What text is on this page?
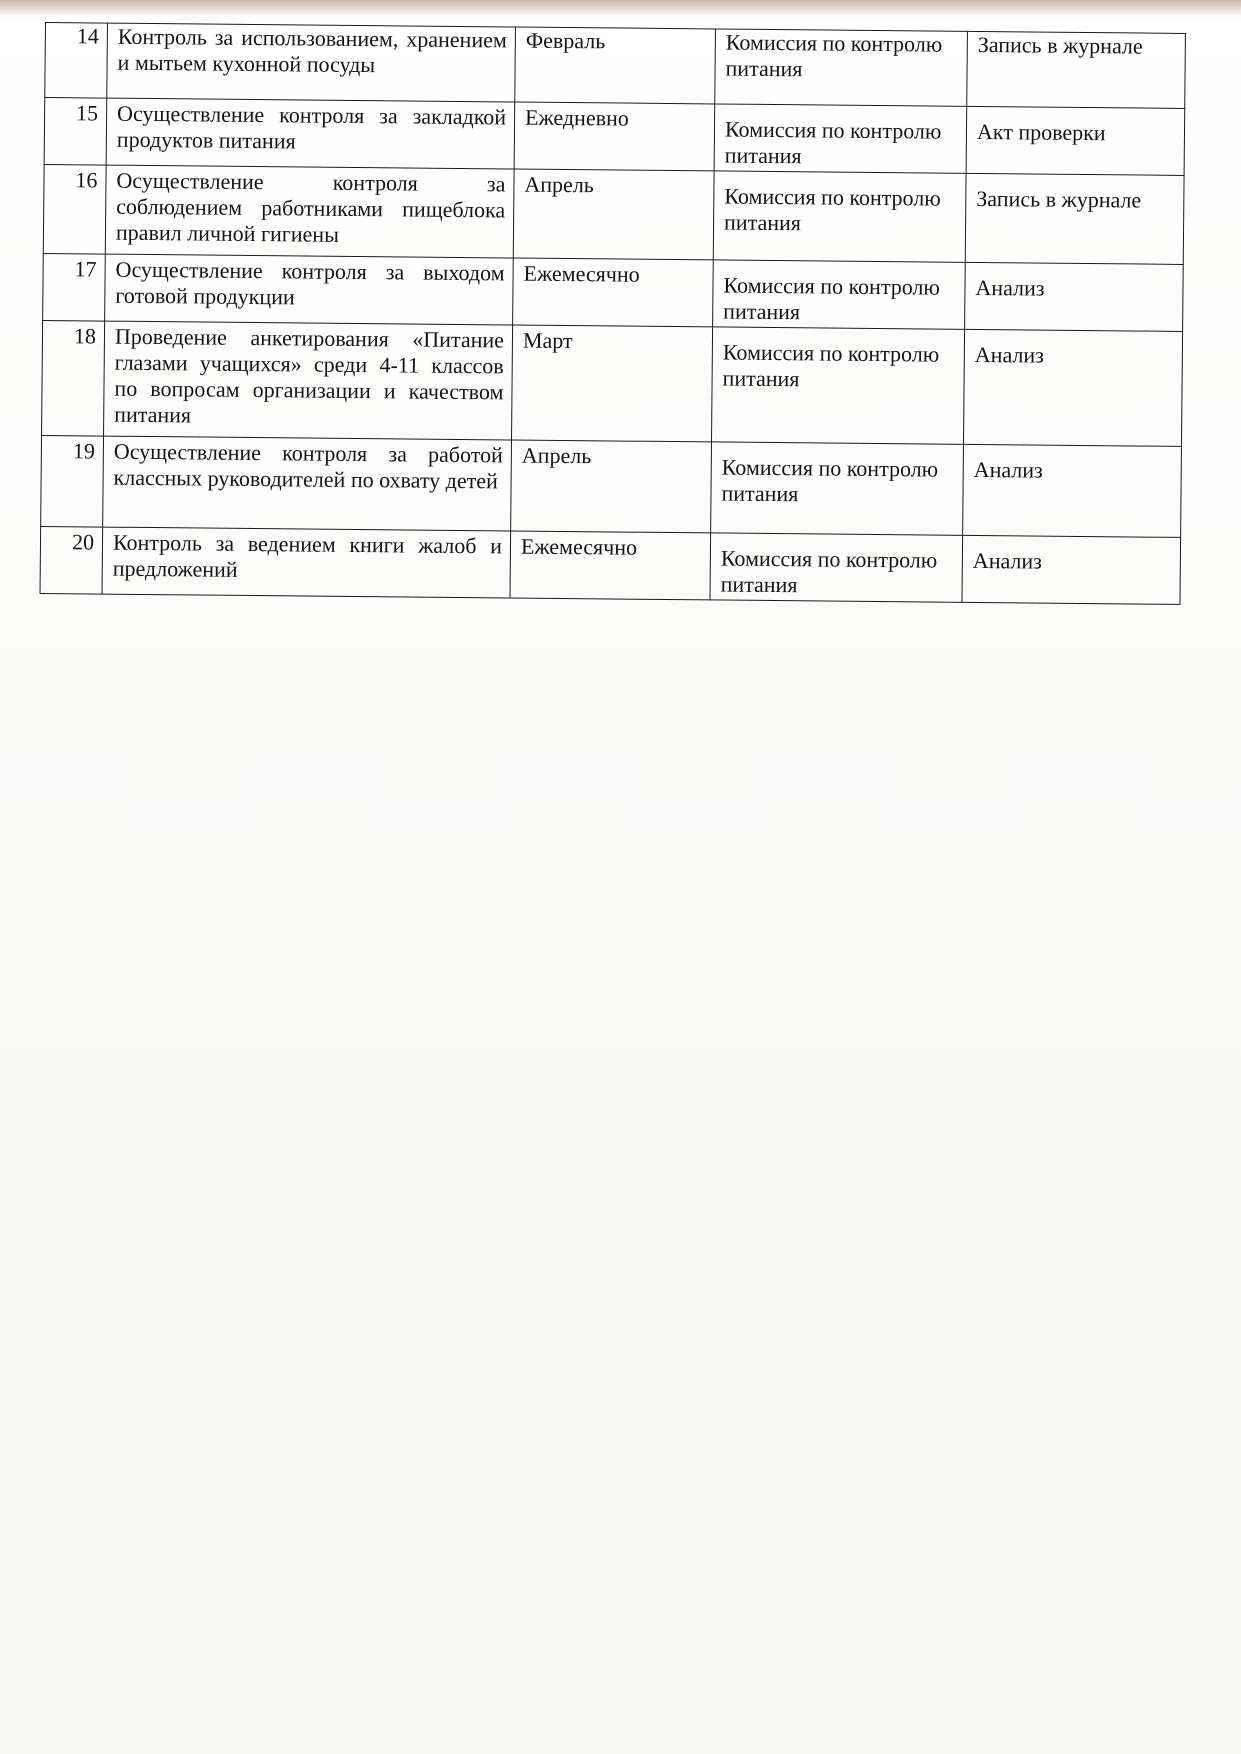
14	Контроль за использованием, хранением и мытьем кухонной посуды	Февраль	Комиссия по контролю питания	Запись в журнале
15	Осуществление контроля за закладкой продуктов питания	Ежедневно	Комиссия по контролю питания	Акт проверки
16	Осуществление контроля за соблюдением работниками пищеблока правил личной гигиены	Апрель	Комиссия по контролю питания	Запись в журнале
17	Осуществление контроля за выходом готовой продукции	Ежемесячно	Комиссия по контролю питания	Анализ
18	Проведение анкетирования «Питание глазами учащихся» среди 4-11 классов по вопросам организации и качеством питания	Март	Комиссия по контролю питания	Анализ
19	Осуществление контроля за работой классных руководителей по охвату детей	Апрель	Комиссия по контролю питания	Анализ
20	Контроль за ведением книги жалоб и предложений	Ежемесячно	Комиссия по контролю питания	Анализ
